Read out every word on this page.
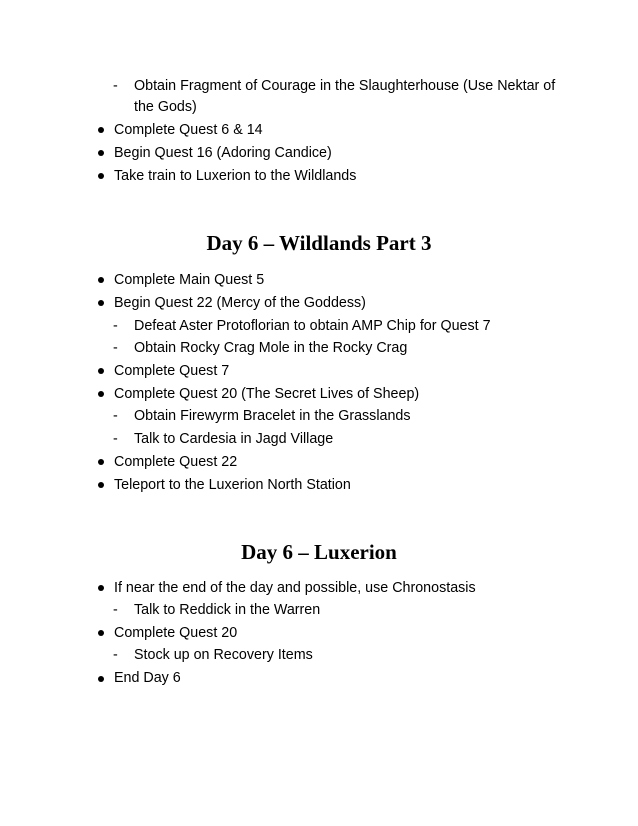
- Obtain Fragment of Courage in the Slaughterhouse (Use Nektar of
the Gods)
Complete Quest 6 & 14
Begin Quest 16 (Adoring Candice)
Take train to Luxerion to the Wildlands
Day 6 – Wildlands Part 3
Complete Main Quest 5
Begin Quest 22 (Mercy of the Goddess)
- Defeat Aster Protoflorian to obtain AMP Chip for Quest 7
- Obtain Rocky Crag Mole in the Rocky Crag
Complete Quest 7
Complete Quest 20 (The Secret Lives of Sheep)
- Obtain Firewyrm Bracelet in the Grasslands
- Talk to Cardesia in Jagd Village
Complete Quest 22
Teleport to the Luxerion North Station
Day 6 – Luxerion
If near the end of the day and possible, use Chronostasis
- Talk to Reddick in the Warren
Complete Quest 20
- Stock up on Recovery Items
End Day 6
